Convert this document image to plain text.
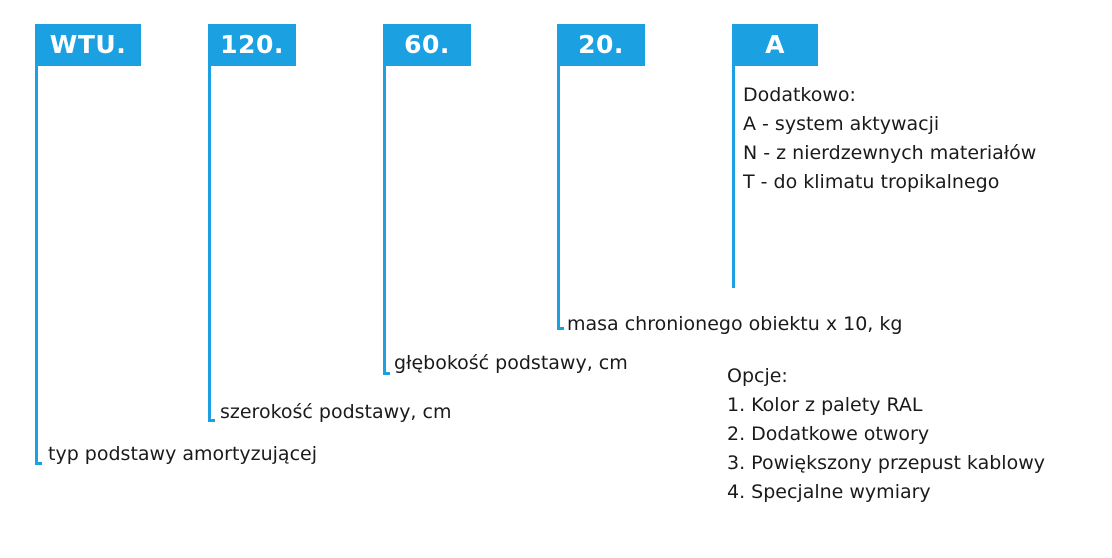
WTU.	120.	60.	20.	A
typ podstawy amortyzującej
szerokość podstawy, cm
głębokość podstawy, cm
masa chronionego obiektu x 10, kg
Dodatkowo:
A - system aktywacji
N - z nierdzewnych materiałów
T - do klimatu tropikalnego
Opcje:
1. Kolor z palety RAL
2. Dodatkowe otwory
3. Powiększony przepust kablowy
4. Specjalne wymiary
